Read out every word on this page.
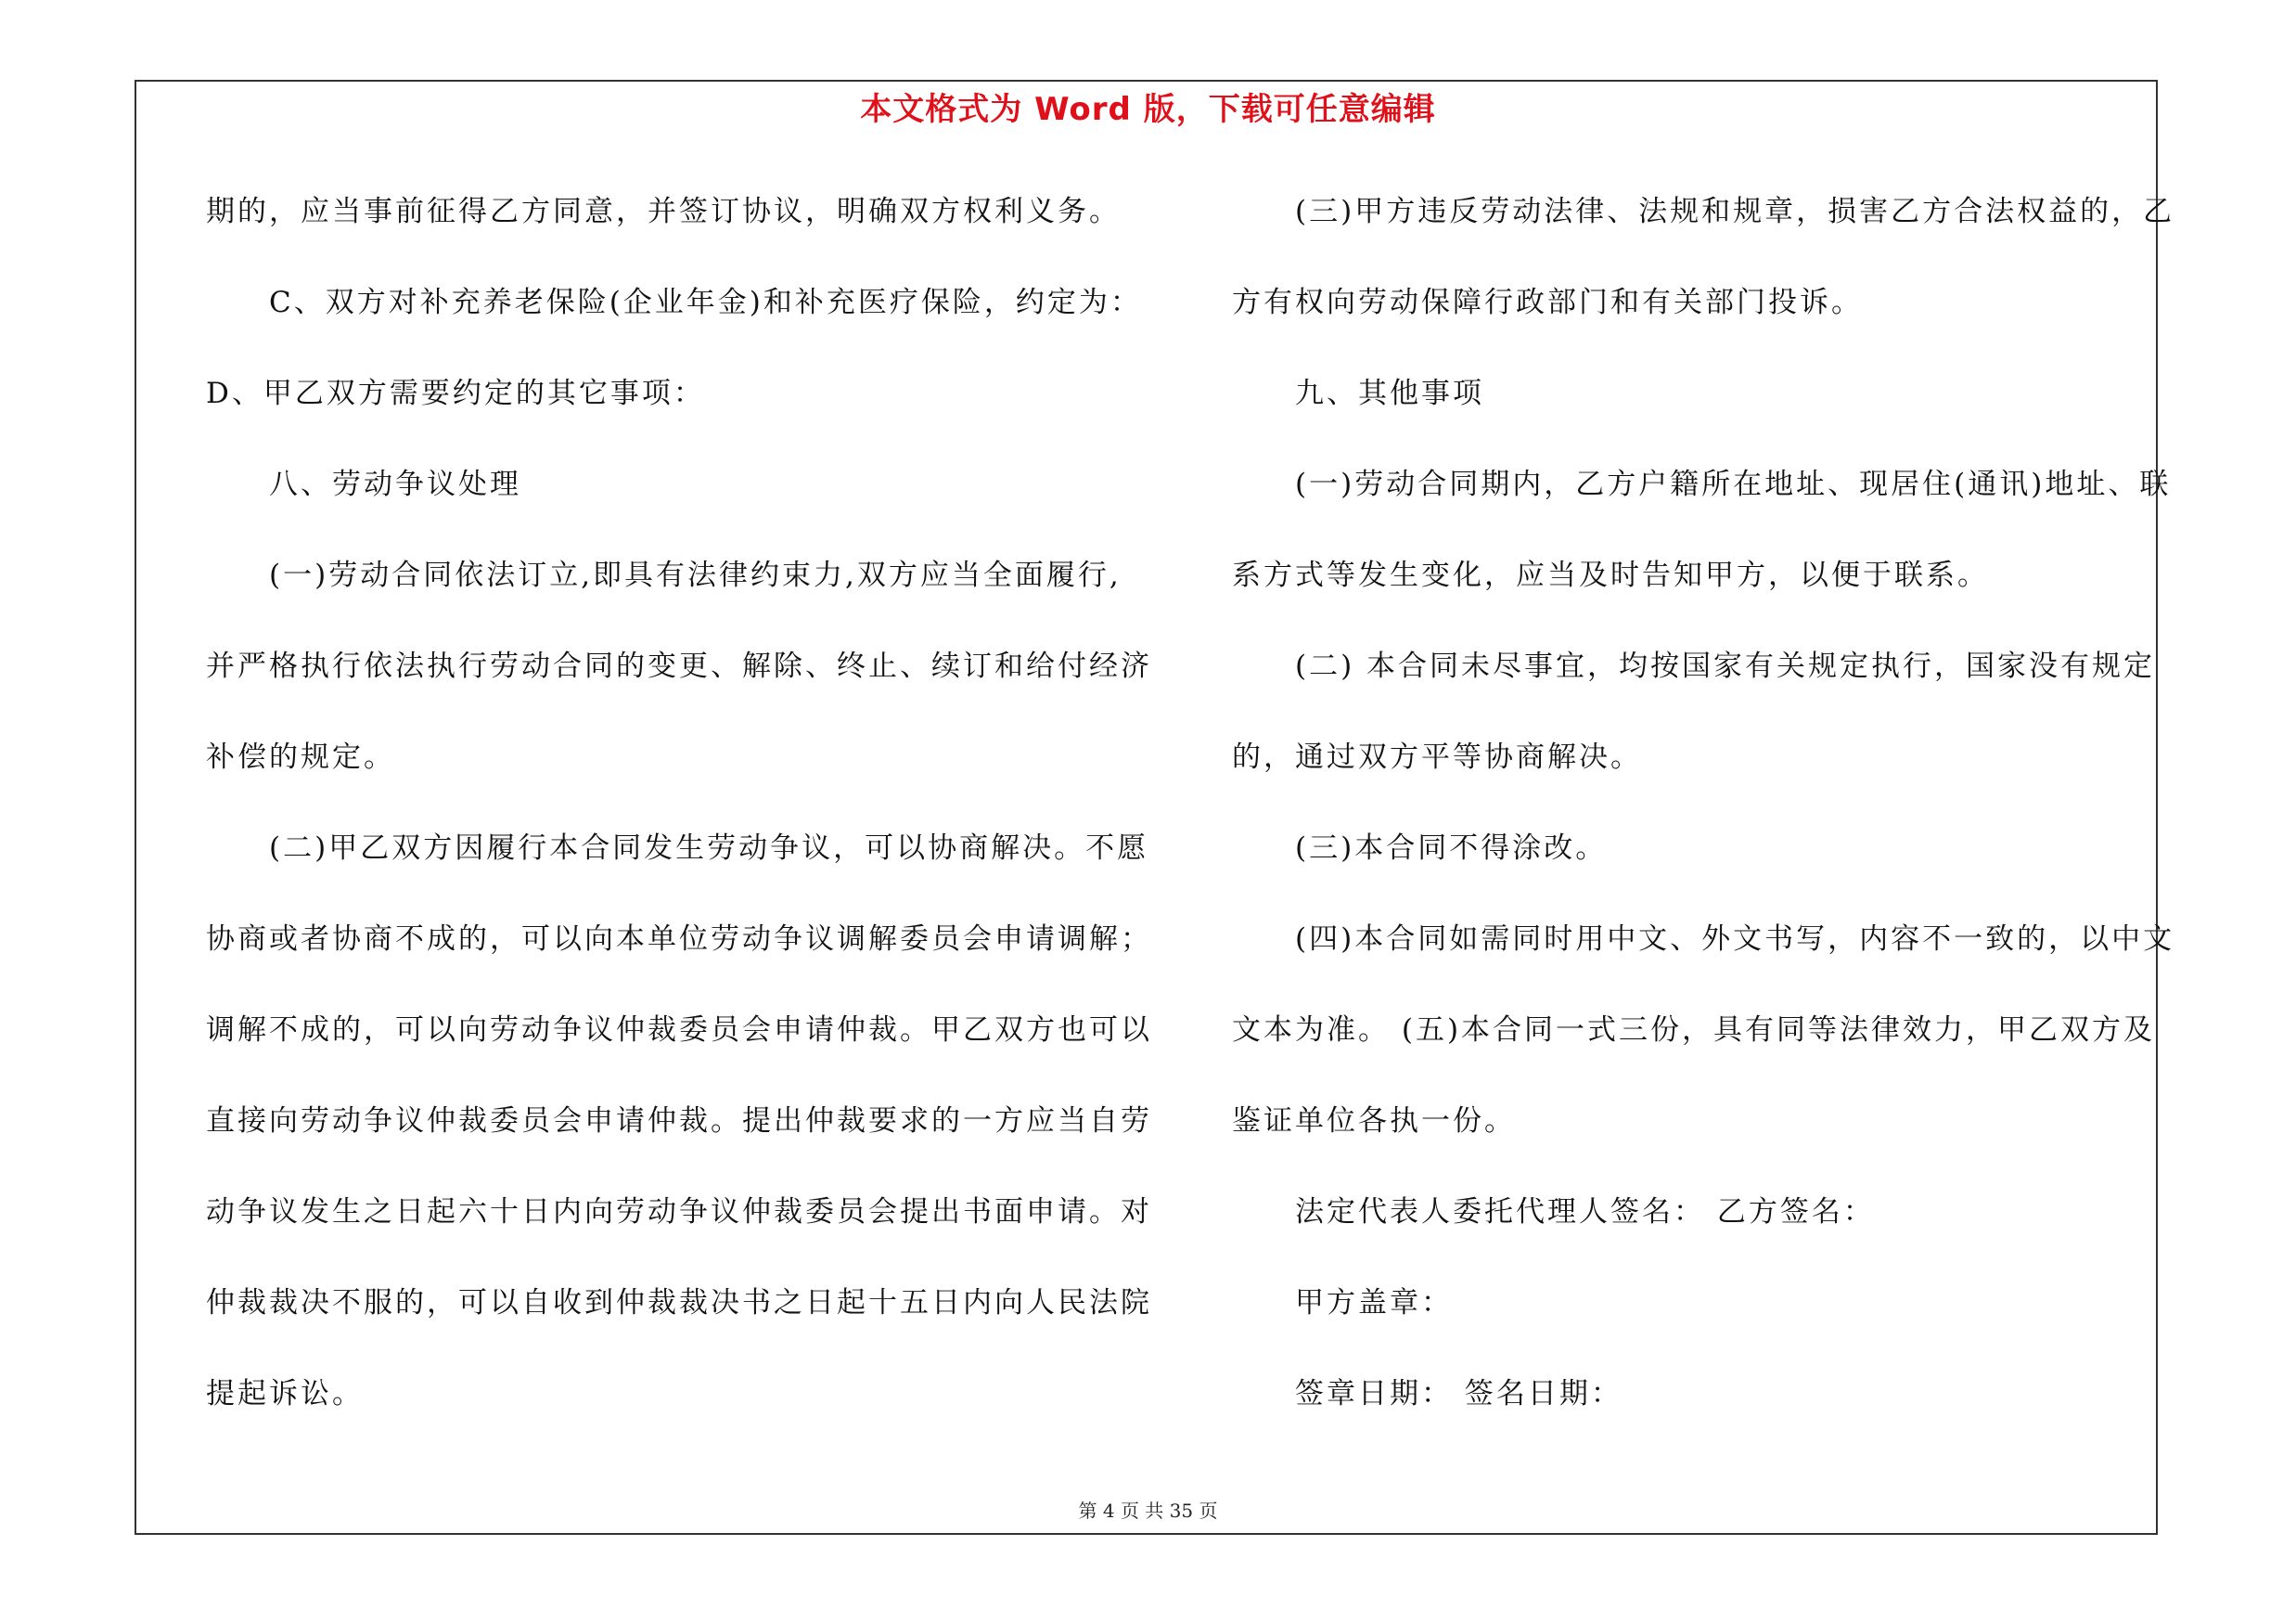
本文格式为 Word 版，下载可任意编辑
期的，应当事前征得乙方同意，并签订协议，明确双方权利义务。
C、双方对补充养老保险(企业年金)和补充医疗保险，约定为：
D、甲乙双方需要约定的其它事项：
八、劳动争议处理
(一)劳动合同依法订立,即具有法律约束力,双方应当全面履行,
并严格执行依法执行劳动合同的变更、解除、终止、续订和给付经济
补偿的规定。
(二)甲乙双方因履行本合同发生劳动争议，可以协商解决。不愿
协商或者协商不成的，可以向本单位劳动争议调解委员会申请调解；
调解不成的，可以向劳动争议仲裁委员会申请仲裁。甲乙双方也可以
直接向劳动争议仲裁委员会申请仲裁。提出仲裁要求的一方应当自劳
动争议发生之日起六十日内向劳动争议仲裁委员会提出书面申请。对
仲裁裁决不服的，可以自收到仲裁裁决书之日起十五日内向人民法院
提起诉讼。
(三)甲方违反劳动法律、法规和规章，损害乙方合法权益的，乙
方有权向劳动保障行政部门和有关部门投诉。
九、其他事项
(一)劳动合同期内，乙方户籍所在地址、现居住(通讯)地址、联
系方式等发生变化，应当及时告知甲方，以便于联系。
(二) 本合同未尽事宜，均按国家有关规定执行，国家没有规定
的，通过双方平等协商解决。
(三)本合同不得涂改。
(四)本合同如需同时用中文、外文书写，内容不一致的，以中文
文本为准。 (五)本合同一式三份，具有同等法律效力，甲乙双方及
鉴证单位各执一份。
法定代表人委托代理人签名： 乙方签名：
甲方盖章：
签章日期： 签名日期：
第 4 页 共 35 页
